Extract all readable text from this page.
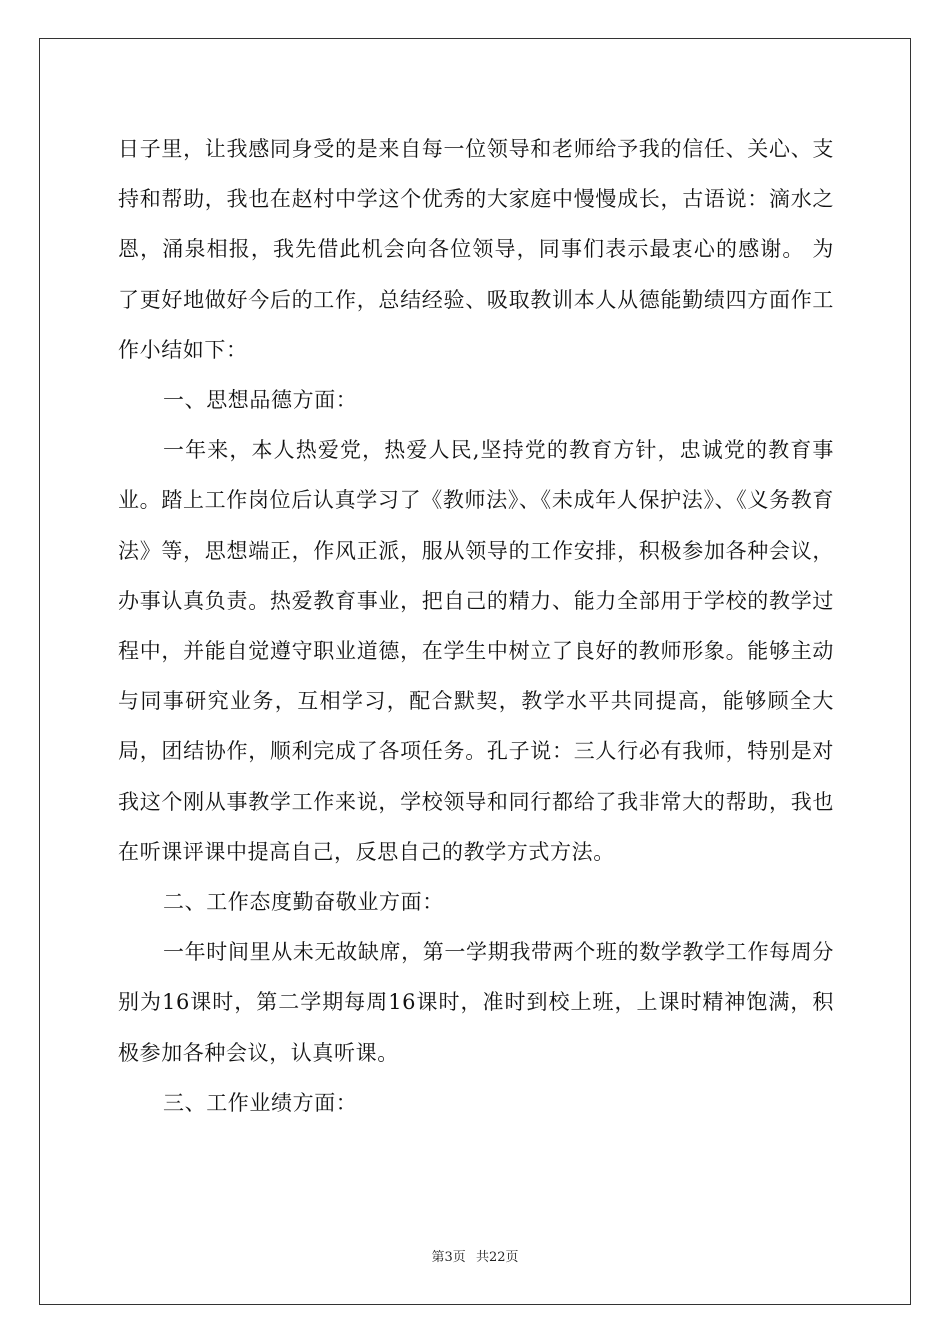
日子里，让我感同身受的是来自每一位领导和老师给予我的信任、关心、支持和帮助，我也在赵村中学这个优秀的大家庭中慢慢成长，古语说：滴水之恩，涌泉相报，我先借此机会向各位领导，同事们表示最衷心的感谢。 为了更好地做好今后的工作，总结经验、吸取教训本人从德能勤绩四方面作工作小结如下：

一、思想品德方面：

一年来，本人热爱党，热爱人民,坚持党的教育方针，忠诚党的教育事业。踏上工作岗位后认真学习了《教师法》、《未成年人保护法》、《义务教育法》等，思想端正，作风正派，服从领导的工作安排，积极参加各种会议，办事认真负责。热爱教育事业，把自己的精力、能力全部用于学校的教学过程中，并能自觉遵守职业道德，在学生中树立了良好的教师形象。能够主动与同事研究业务，互相学习，配合默契，教学水平共同提高，能够顾全大局，团结协作，顺利完成了各项任务。孔子说：三人行必有我师，特别是对我这个刚从事教学工作来说，学校领导和同行都给了我非常大的帮助，我也在听课评课中提高自己，反思自己的教学方式方法。

二、工作态度勤奋敬业方面：

一年时间里从未无故缺席，第一学期我带两个班的数学教学工作每周分别为16课时，第二学期每周16课时，准时到校上班，上课时精神饱满，积极参加各种会议，认真听课。

三、工作业绩方面：

第3页 共22页
